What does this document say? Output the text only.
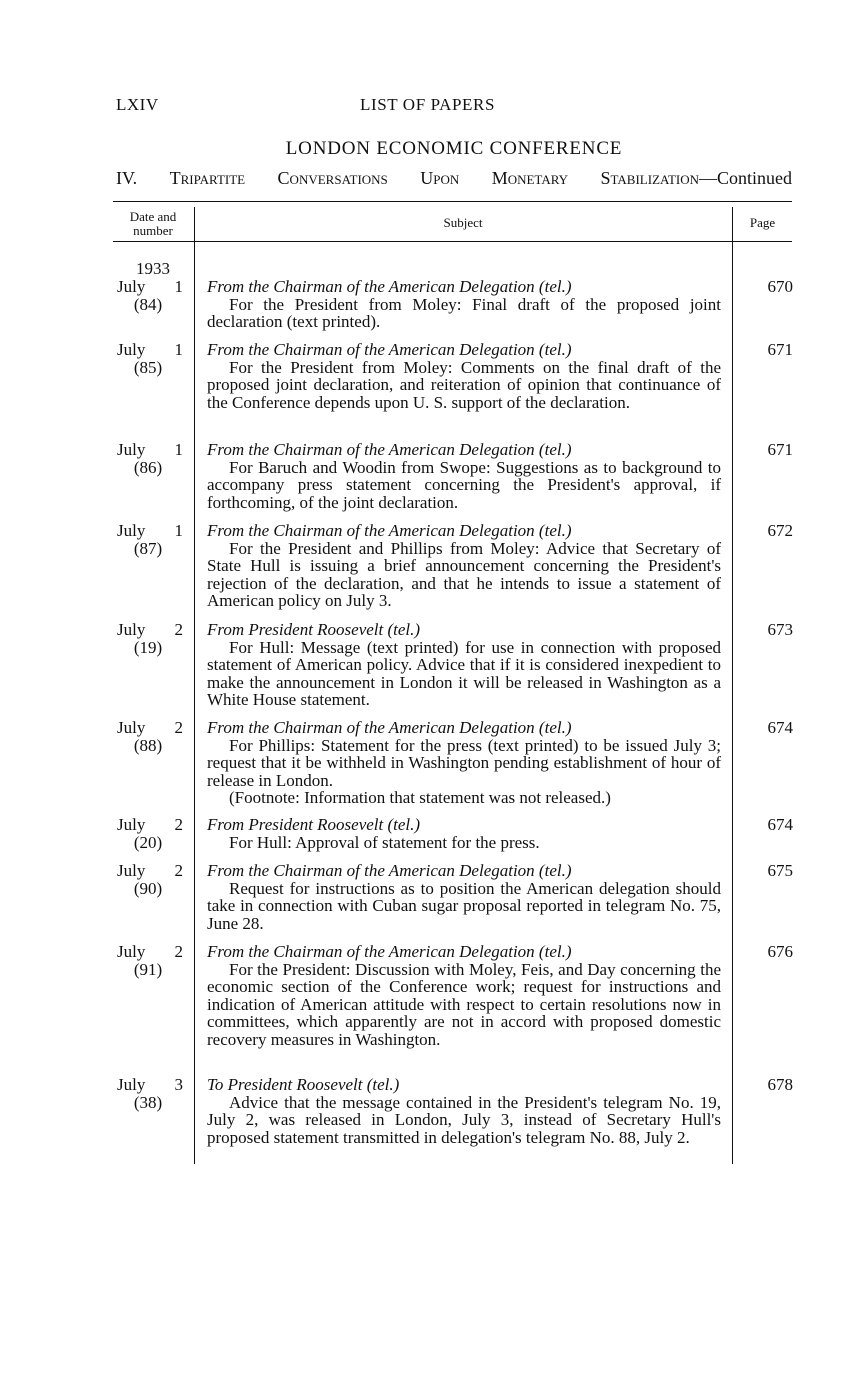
LXIV	LIST OF PAPERS
LONDON ECONOMIC CONFERENCE
IV. Tripartite Conversations Upon Monetary Stabilization—Continued
Date and
number
Subject	Page
1933
July 1
(84)
From the Chairman of the American Delegation (tel.)
For the President from Moley: Final draft of the proposed joint declaration (text printed).
670
July 1
(85)
From the Chairman of the American Delegation (tel.)
For the President from Moley: Comments on the final draft of the proposed joint declaration, and reiteration of opinion that continuance of the Conference depends upon U. S. support of the declaration.
671
July 1
(86)
From the Chairman of the American Delegation (tel.)
For Baruch and Woodin from Swope: Suggestions as to background to accompany press statement concerning the President's approval, if forthcoming, of the joint declaration.
671
July 1
(87)
From the Chairman of the American Delegation (tel.)
For the President and Phillips from Moley: Advice that Secretary of State Hull is issuing a brief announcement concerning the President's rejection of the declaration, and that he intends to issue a statement of American policy on July 3.
672
July 2
(19)
From President Roosevelt (tel.)
For Hull: Message (text printed) for use in connection with proposed statement of American policy. Advice that if it is considered inexpedient to make the announcement in London it will be released in Washington as a White House statement.
673
July 2
(88)
From the Chairman of the American Delegation (tel.)
For Phillips: Statement for the press (text printed) to be issued July 3; request that it be withheld in Washington pending establishment of hour of release in London.
(Footnote: Information that statement was not released.)
674
July 2
(20)
From President Roosevelt (tel.)
For Hull: Approval of statement for the press.
674
July 2
(90)
From the Chairman of the American Delegation (tel.)
Request for instructions as to position the American delegation should take in connection with Cuban sugar proposal reported in telegram No. 75, June 28.
675
July 2
(91)
From the Chairman of the American Delegation (tel.)
For the President: Discussion with Moley, Feis, and Day concerning the economic section of the Conference work; request for instructions and indication of American attitude with respect to certain resolutions now in committees, which apparently are not in accord with proposed domestic recovery measures in Washington.
676
July 3
(38)
To President Roosevelt (tel.)
Advice that the message contained in the President's telegram No. 19, July 2, was released in London, July 3, instead of Secretary Hull's proposed statement transmitted in delegation's telegram No. 88, July 2.
678
